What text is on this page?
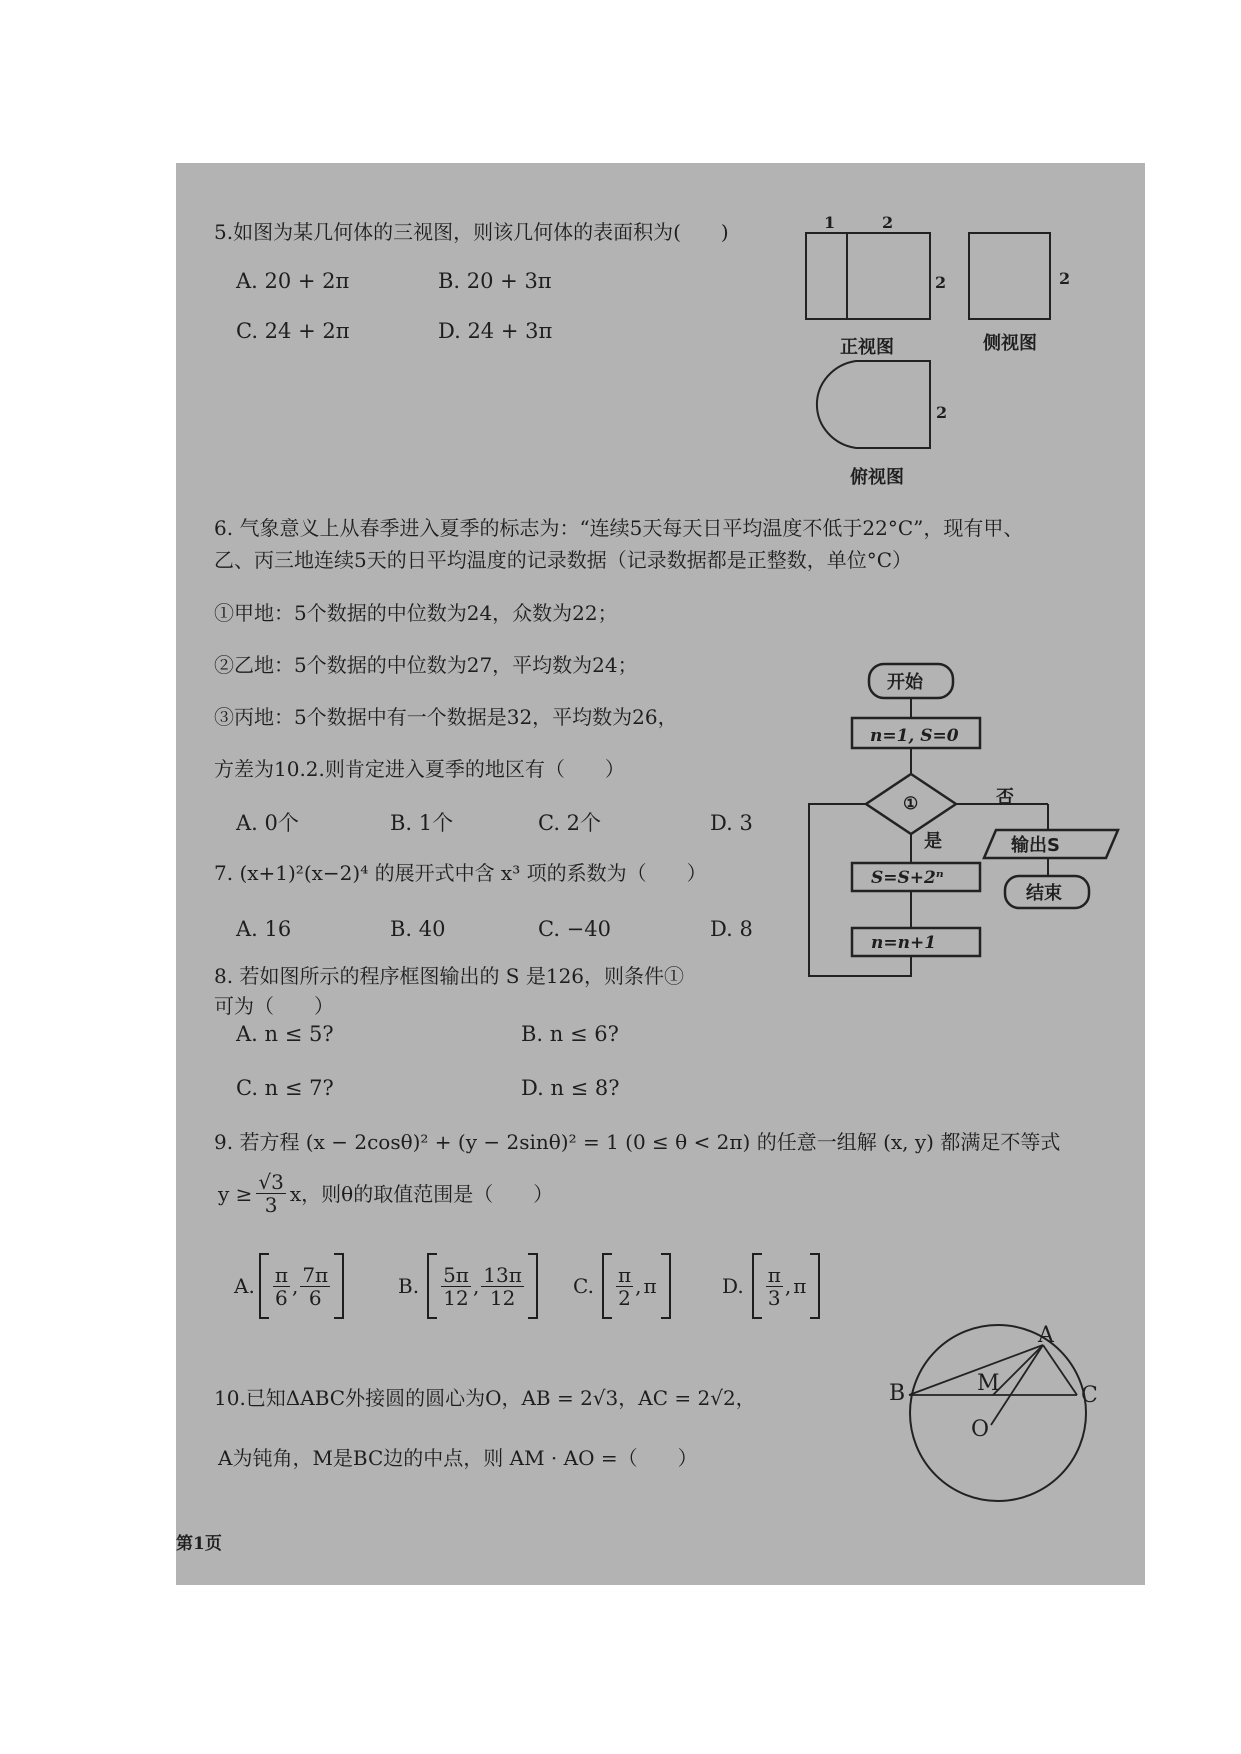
5.如图为某几何体的三视图，则该几何体的表面积为(　　)
A. 20 + 2π	B. 20 + 3π
C. 24 + 2π	D. 24 + 3π
1	2
2	2
2
正视图	侧视图
俯视图
6. 气象意义上从春季进入夏季的标志为：“连续5天每天日平均温度不低于22°C”，现有甲、
乙、丙三地连续5天的日平均温度的记录数据（记录数据都是正整数，单位°C）
①甲地：5个数据的中位数为24，众数为22；
②乙地：5个数据的中位数为27，平均数为24；
③丙地：5个数据中有一个数据是32，平均数为26，
方差为10.2.则肯定进入夏季的地区有（　　）
A. 0个	B. 1个	C. 2个	D. 3
开始
n=1, S=0
①	否
是	输出S
结束
S=S+2ⁿ
n=n+1
7. (x+1)²(x−2)⁴ 的展开式中含 x³ 项的系数为（　　）
A. 16	B. 40	C. −40	D. 8
8. 若如图所示的程序框图输出的 S 是126，则条件①
可为（　　）
A. n ≤ 5?	B. n ≤ 6?
C. n ≤ 7?	D. n ≤ 8?
9. 若方程 (x − 2cosθ)² + (y − 2sinθ)² = 1 (0 ≤ θ < 2π) 的任意一组解 (x, y) 都满足不等式
$y \ge \frac{√3}{3}$ x，则θ的取值范围是（　　）
A. $\frac{\pi}{6}$ , $\frac{7\pi}{6}$	B. $\frac{5\pi}{12}$ , $\frac{13\pi}{12} C$. $\frac{\pi}{2}$ , π	D. $\frac{\pi}{3}$ , π
10.已知ΔABC外接圆的圆心为O，AB = 2√3，AC = 2√2，
A为钝角，M是BC边的中点，则 AM · AO =（　　）
A
B	C
M
O
第1页
